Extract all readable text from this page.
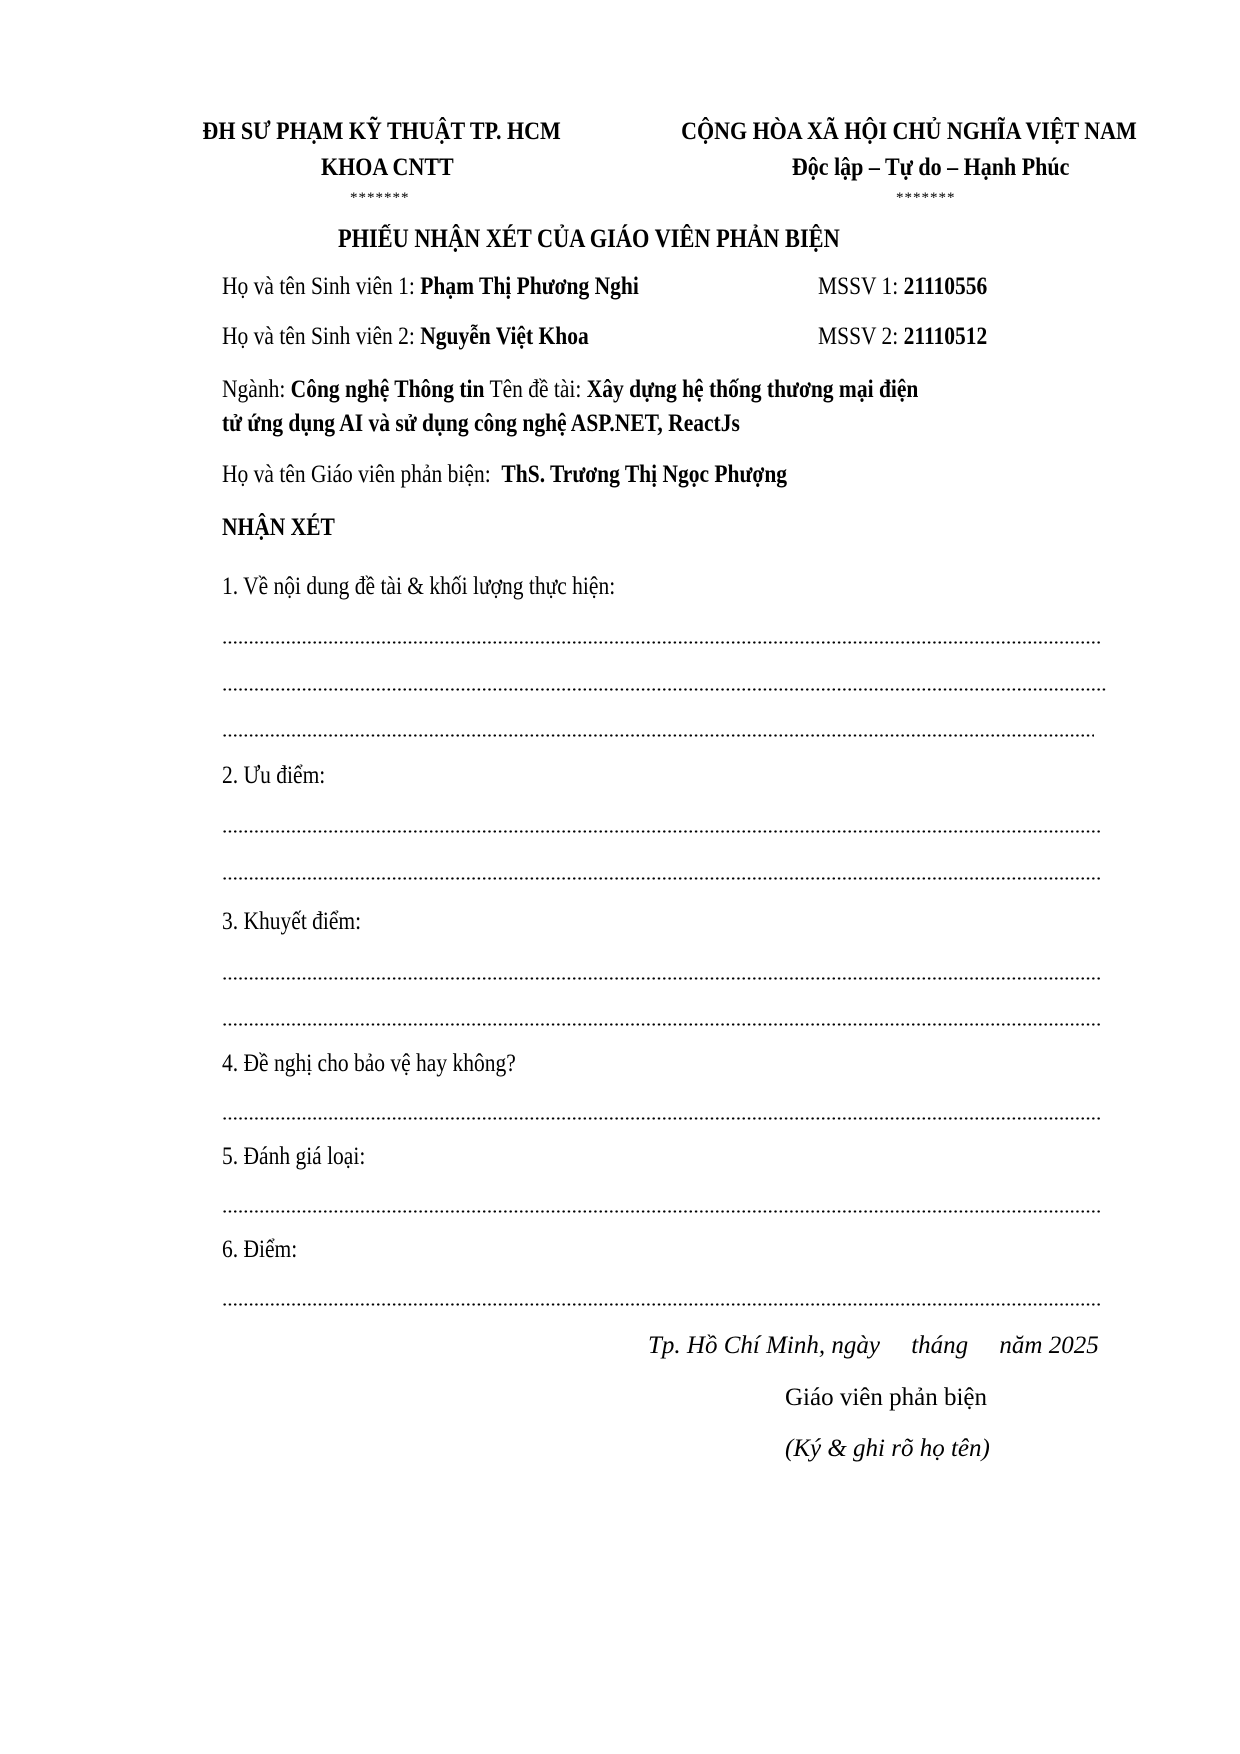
ĐH SƯ PHẠM KỸ THUẬT TP. HCM
KHOA CNTT
*******
CỘNG HÒA XÃ HỘI CHỦ NGHĨA VIỆT NAM
Độc lập – Tự do – Hạnh Phúc
*******
PHIẾU NHẬN XÉT CỦA GIÁO VIÊN PHẢN BIỆN
Họ và tên Sinh viên 1: Phạm Thị Phương Nghi	MSSV 1: 21110556
Họ và tên Sinh viên 2: Nguyễn Việt Khoa	MSSV 2: 21110512
Ngành: Công nghệ Thông tin Tên đề tài: Xây dựng hệ thống thương mại điện
tử ứng dụng AI và sử dụng công nghệ ASP.NET, ReactJs
Họ và tên Giáo viên phản biện: ThS. Trương Thị Ngọc Phượng
NHẬN XÉT
1. Về nội dung đề tài & khối lượng thực hiện:
2. Ưu điểm:
3. Khuyết điểm:
4. Đề nghị cho bảo vệ hay không?
5. Đánh giá loại:
6. Điểm:
Tp. Hồ Chí Minh, ngày     tháng     năm 2025
Giáo viên phản biện
(Ký & ghi rõ họ tên)
